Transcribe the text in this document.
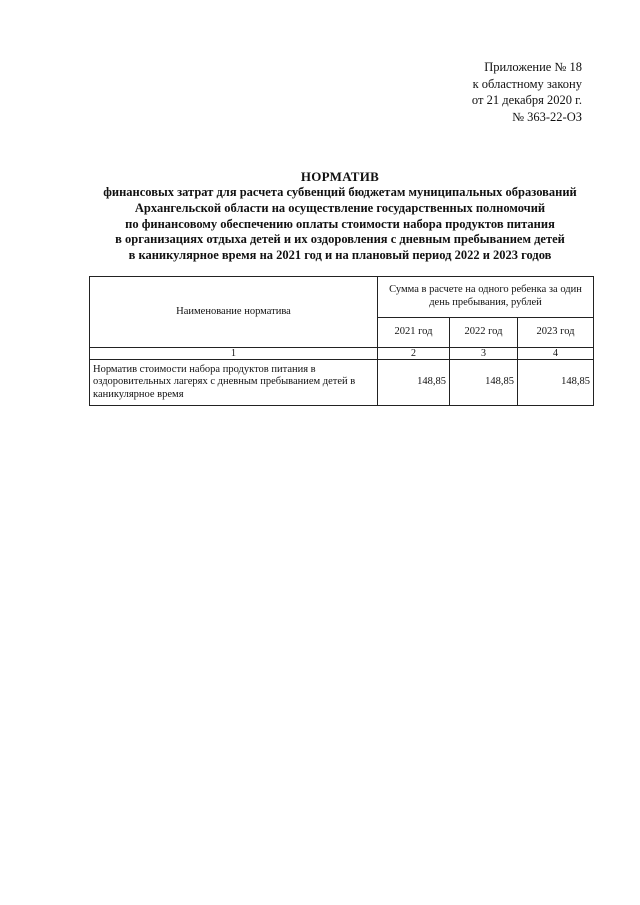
Приложение № 18
к областному закону
от 21 декабря 2020 г.
№ 363-22-ОЗ
НОРМАТИВ
финансовых затрат для расчета субвенций бюджетам муниципальных образований
Архангельской области на осуществление государственных полномочий
по финансовому обеспечению оплаты стоимости набора продуктов питания
в организациях отдыха детей и их оздоровления с дневным пребыванием детей
в каникулярное время на 2021 год и на плановый период 2022 и 2023 годов
Наименование норматива	Сумма в расчете на одного ребенка за один день пребывания, рублей		
	2021 год	2022 год	2023 год
1	2	3	4
Норматив стоимости набора продуктов питания в оздоровительных лагерях с дневным пребыванием детей в каникулярное время	148,85	148,85	148,85
